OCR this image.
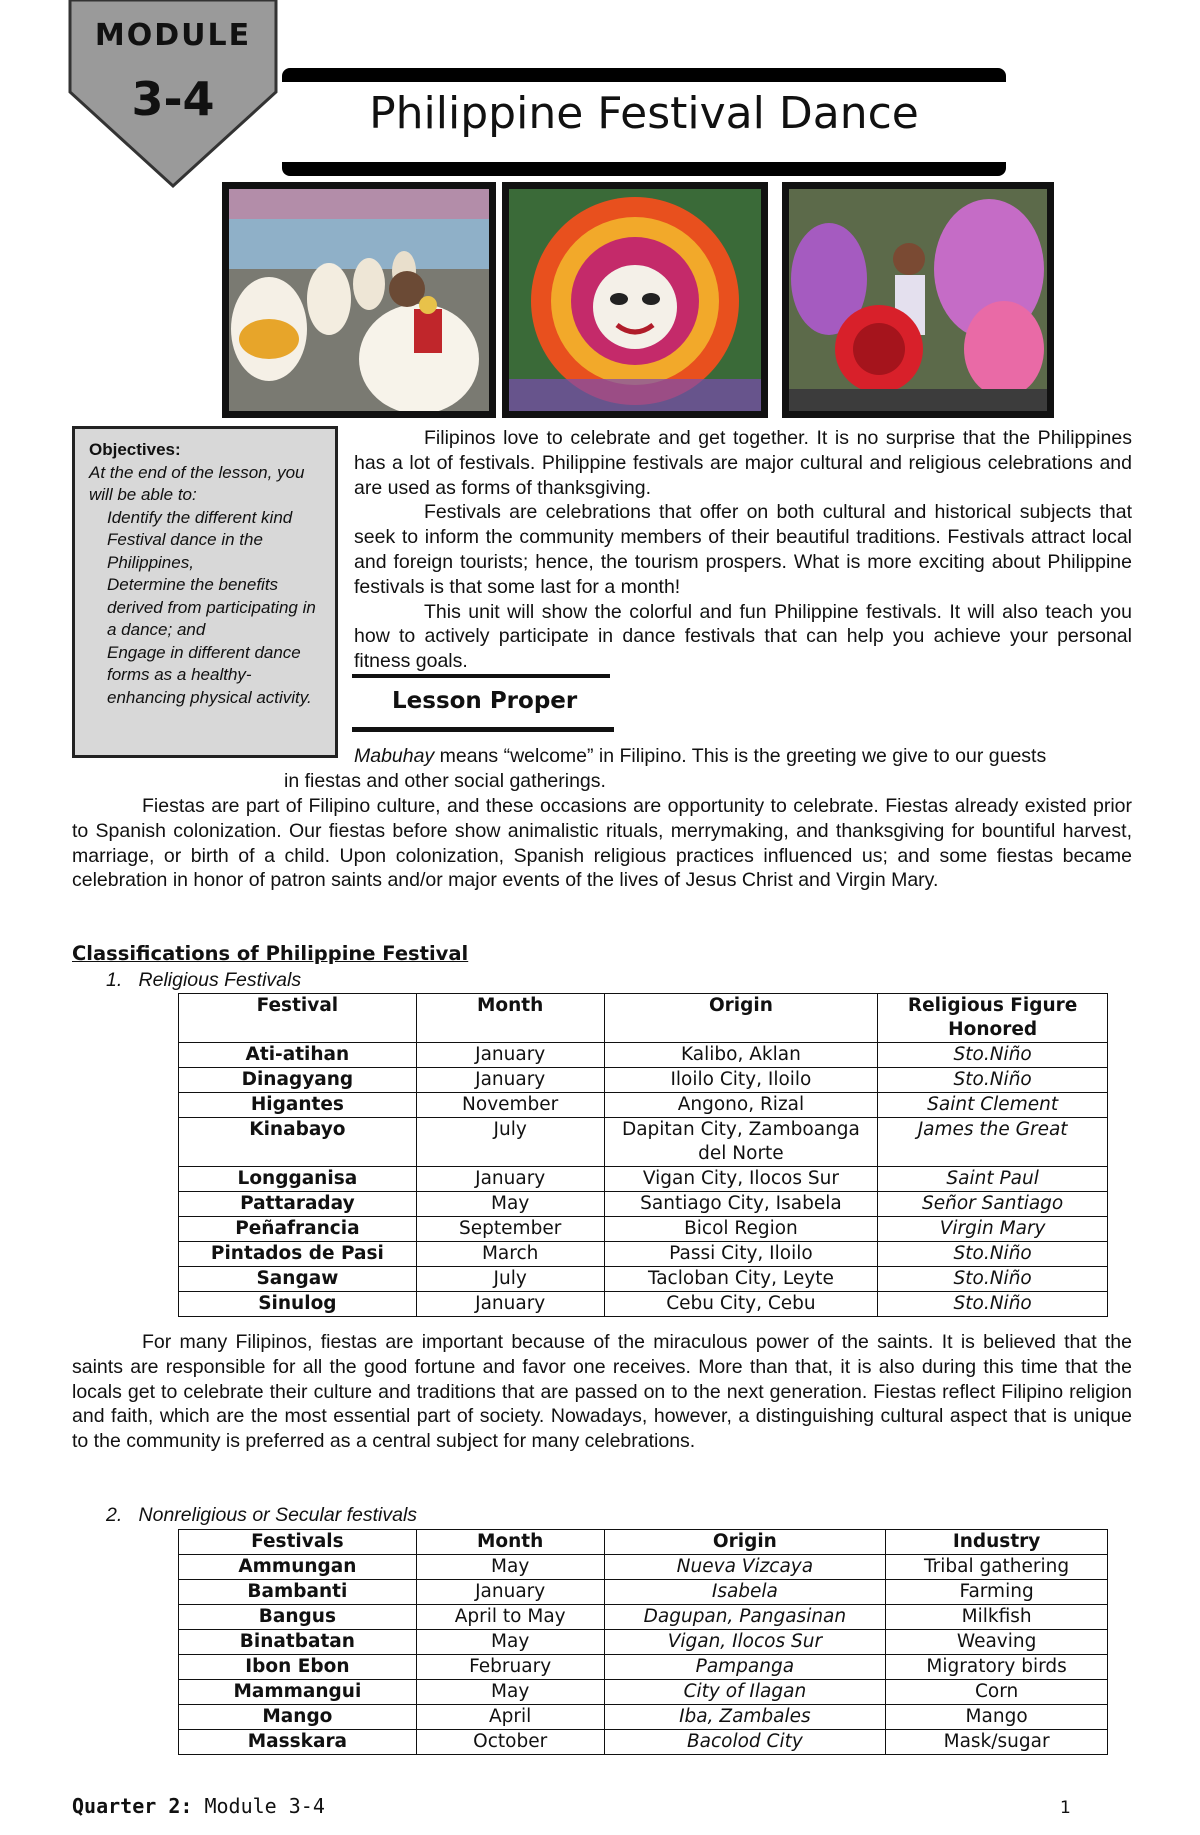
MODULE
3-4	Philippine Festival Dance
Objectives:
At the end of the lesson, you will be able to:
Identify the different kind Festival dance in the Philippines,
Determine the benefits derived from participating in a dance; and
Engage in different dance forms as a healthy-enhancing physical activity.

Filipinos love to celebrate and get together. It is no surprise that the Philippines has a lot of festivals. Philippine festivals are major cultural and religious celebrations and are used as forms of thanksgiving.

Festivals are celebrations that offer on both cultural and historical subjects that seek to inform the community members of their beautiful traditions. Festivals attract local and foreign tourists; hence, the tourism prospers. What is more exciting about Philippine festivals is that some last for a month!

This unit will show the colorful and fun Philippine festivals. It will also teach you how to actively participate in dance festivals that can help you achieve your personal fitness goals.

Lesson Proper
Mabuhay means “welcome” in Filipino. This is the greeting we give to our guests
in fiestas and other social gatherings.

Fiestas are part of Filipino culture, and these occasions are opportunity to celebrate. Fiestas already existed prior to Spanish colonization. Our fiestas before show animalistic rituals, merrymaking, and thanksgiving for bountiful harvest, marriage, or birth of a child. Upon colonization, Spanish religious practices influenced us; and some fiestas became celebration in honor of patron saints and/or major events of the lives of Jesus Christ and Virgin Mary.

Classifications of Philippine Festival
1.   Religious Festivals
Festival	Month	Origin	Religious Figure Honored
Ati-atihan	January	Kalibo, Aklan	Sto.Niño
Dinagyang	January	Iloilo City, Iloilo	Sto.Niño
Higantes	November	Angono, Rizal	Saint Clement
Kinabayo	July	Dapitan City, Zamboanga del Norte	James the Great
Longganisa	January	Vigan City, Ilocos Sur	Saint Paul
Pattaraday	May	Santiago City, Isabela	Señor Santiago
Peñafrancia	September	Bicol Region	Virgin Mary
Pintados de Pasi	March	Passi City, Iloilo	Sto.Niño
Sangaw	July	Tacloban City, Leyte	Sto.Niño
Sinulog	January	Cebu City, Cebu	Sto.Niño

For many Filipinos, fiestas are important because of the miraculous power of the saints. It is believed that the saints are responsible for all the good fortune and favor one receives. More than that, it is also during this time that the locals get to celebrate their culture and traditions that are passed on to the next generation. Fiestas reflect Filipino religion and faith, which are the most essential part of society. Nowadays, however, a distinguishing cultural aspect that is unique to the community is preferred as a central subject for many celebrations.

2.   Nonreligious or Secular festivals
Festivals	Month	Origin	Industry
Ammungan	May	Nueva Vizcaya	Tribal gathering
Bambanti	January	Isabela	Farming
Bangus	April to May	Dagupan, Pangasinan	Milkfish
Binatbatan	May	Vigan, Ilocos Sur	Weaving
Ibon Ebon	February	Pampanga	Migratory birds
Mammangui	May	City of Ilagan	Corn
Mango	April	Iba, Zambales	Mango
Masskara	October	Bacolod City	Mask/sugar
Quarter 2: Module 3-4	1
